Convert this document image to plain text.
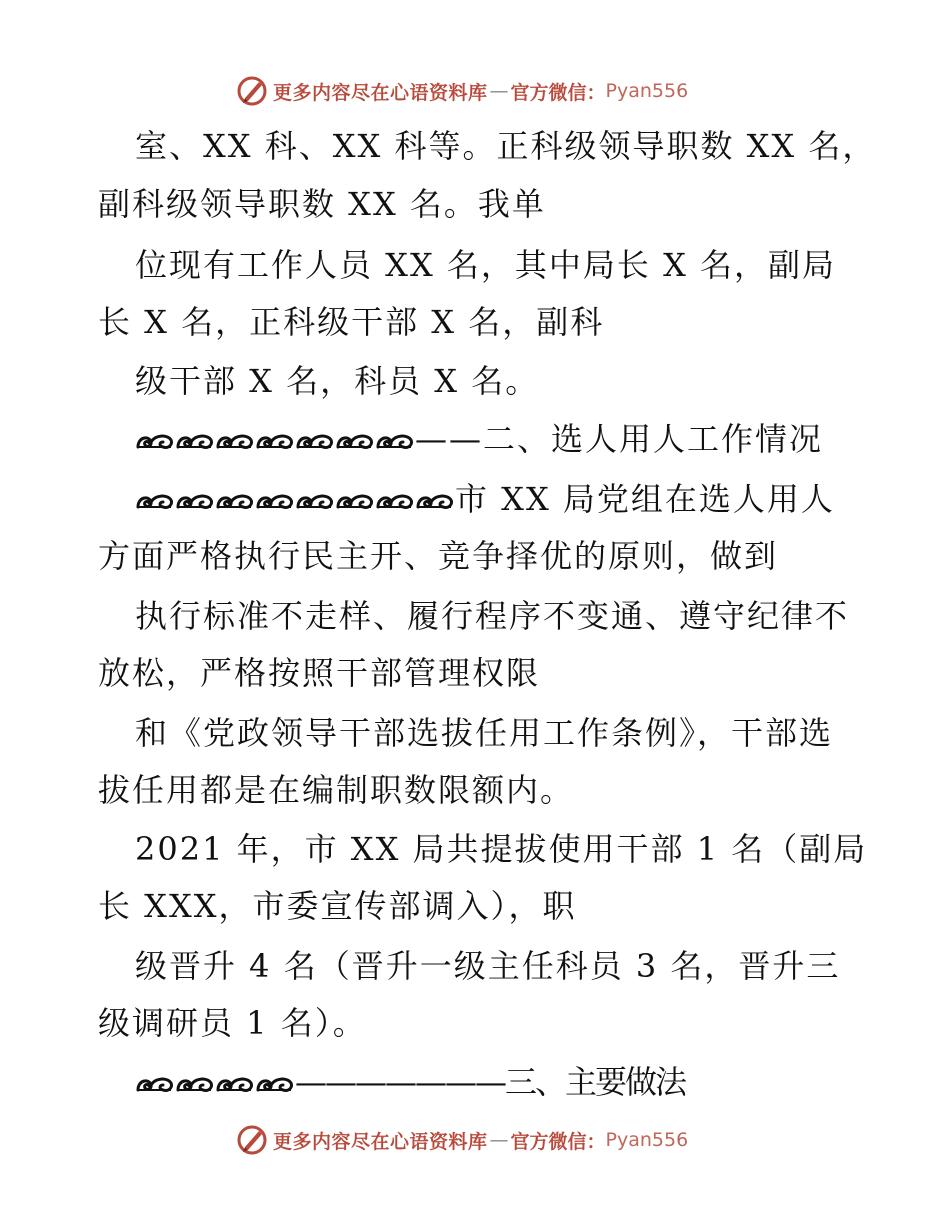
更多内容尽在心语资料库 — 官方微信： Pyan556
室、XX 科、XX 科等。正科级领导职数 XX 名，
副科级领导职数 XX 名。我单
位现有工作人员 XX 名，其中局长 X 名，副局
长 X 名，正科级干部 X 名，副科
级干部 X 名，科员 X 名。
——二、选人用人工作情况
市 XX 局党组在选人用人
方面严格执行民主开、竞争择优的原则，做到
执行标准不走样、履行程序不变通、遵守纪律不
放松，严格按照干部管理权限
和《党政领导干部选拔任用工作条例》，干部选
拔任用都是在编制职数限额内。
2021 年，市 XX 局共提拔使用干部 1 名（副局
长 XXX，市委宣传部调入），职
级晋升 4 名（晋升一级主任科员 3 名，晋升三
级调研员 1 名）。
———————三、主要做法
更多内容尽在心语资料库 — 官方微信： Pyan556
